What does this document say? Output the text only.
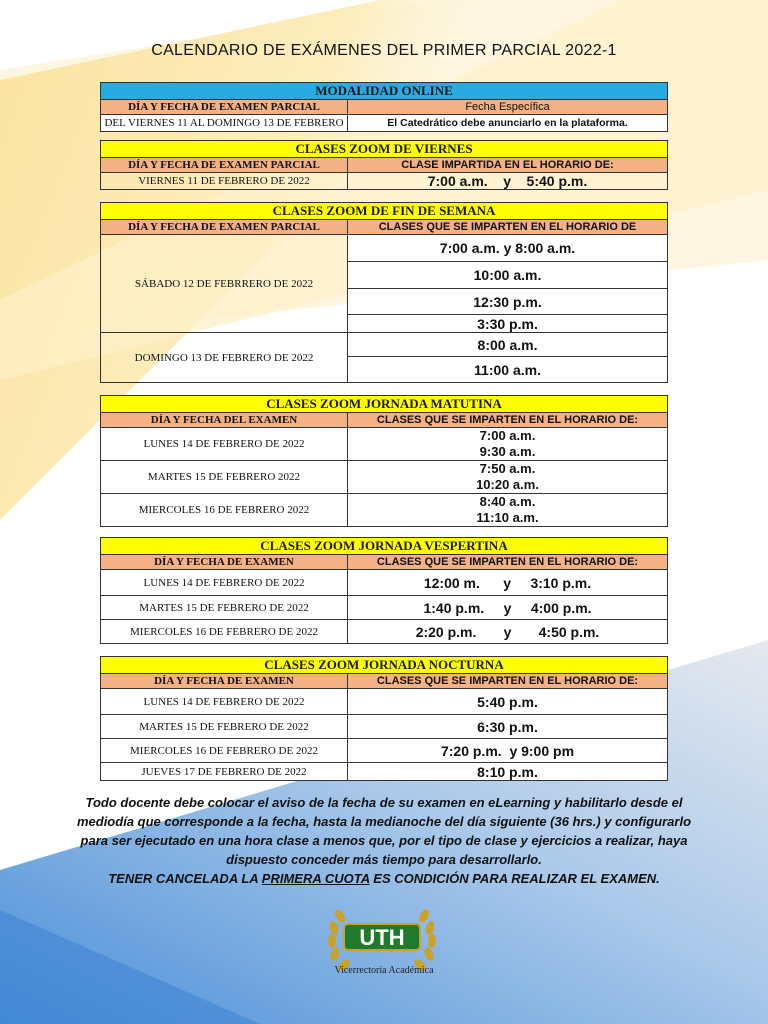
CALENDARIO DE EXÁMENES DEL PRIMER PARCIAL 2022-1
MODALIDAD ONLINE	
DÍA Y FECHA DE EXAMEN PARCIAL	Fecha Específica
DEL VIERNES 11 AL DOMINGO 13 DE FEBRERO	El Catedrático debe anunciarlo en la plataforma.
CLASES ZOOM DE VIERNES	
DÍA Y FECHA DE EXAMEN PARCIAL	CLASE IMPARTIDA EN EL HORARIO DE:
VIERNES 11 DE FEBRERO DE 2022	7:00 a.m.    y    5:40 p.m.
CLASES ZOOM DE FIN DE SEMANA	
DÍA Y FECHA DE EXAMEN PARCIAL	CLASES QUE SE IMPARTEN EN EL HORARIO DE
SÁBADO 12 DE FEBRRERO DE 2022	7:00 a.m. y 8:00 a.m.
	10:00 a.m.
	12:30 p.m.
	3:30 p.m.
DOMINGO 13 DE FEBRERO DE 2022	8:00 a.m.
	11:00 a.m.
CLASES ZOOM JORNADA MATUTINA	
DÍA Y FECHA DEL EXAMEN	CLASES QUE SE IMPARTEN EN EL HORARIO DE:
LUNES 14 DE FEBRERO DE 2022	7:00 a.m.
9:30 a.m.

MARTES 15 DE FEBRERO 2022	7:50 a.m.
10:20 a.m.

MIERCOLES 16 DE FEBRERO 2022	8:40 a.m.
11:10 a.m.
CLASES ZOOM JORNADA VESPERTINA	
DÍA Y FECHA DE EXAMEN	CLASES QUE SE IMPARTEN EN EL HORARIO DE:
LUNES 14 DE FEBRERO DE 2022	12:00 m.      y     3:10 p.m.
MARTES 15 DE FEBRERO DE 2022	1:40 p.m.     y     4:00 p.m.
MIERCOLES 16 DE FEBRERO DE 2022	2:20 p.m.       y       4:50 p.m.
CLASES ZOOM JORNADA NOCTURNA	
DÍA Y FECHA DE EXAMEN	CLASES QUE SE IMPARTEN EN EL HORARIO DE:
LUNES 14 DE FEBRERO DE 2022	5:40 p.m.
MARTES 15 DE FEBRERO DE 2022	6:30 p.m.
MIERCOLES 16 DE FEBRERO DE 2022	7:20 p.m.  y 9:00 pm
JUEVES 17 DE FEBRERO DE 2022	8:10 p.m.
Todo docente debe colocar el aviso de la fecha de su examen en eLearning y habilitarlo desde el
mediodía que corresponde a la fecha, hasta la medianoche del día siguiente (36 hrs.) y configurarlo
para ser ejecutado en una hora clase a menos que, por el tipo de clase y ejercicios a realizar, haya
dispuesto conceder más tiempo para desarrollarlo.
TENER CANCELADA LA PRIMERA CUOTA ES CONDICIÓN PARA REALIZAR EL EXAMEN.
UTH
Vicerrectoría Académica
